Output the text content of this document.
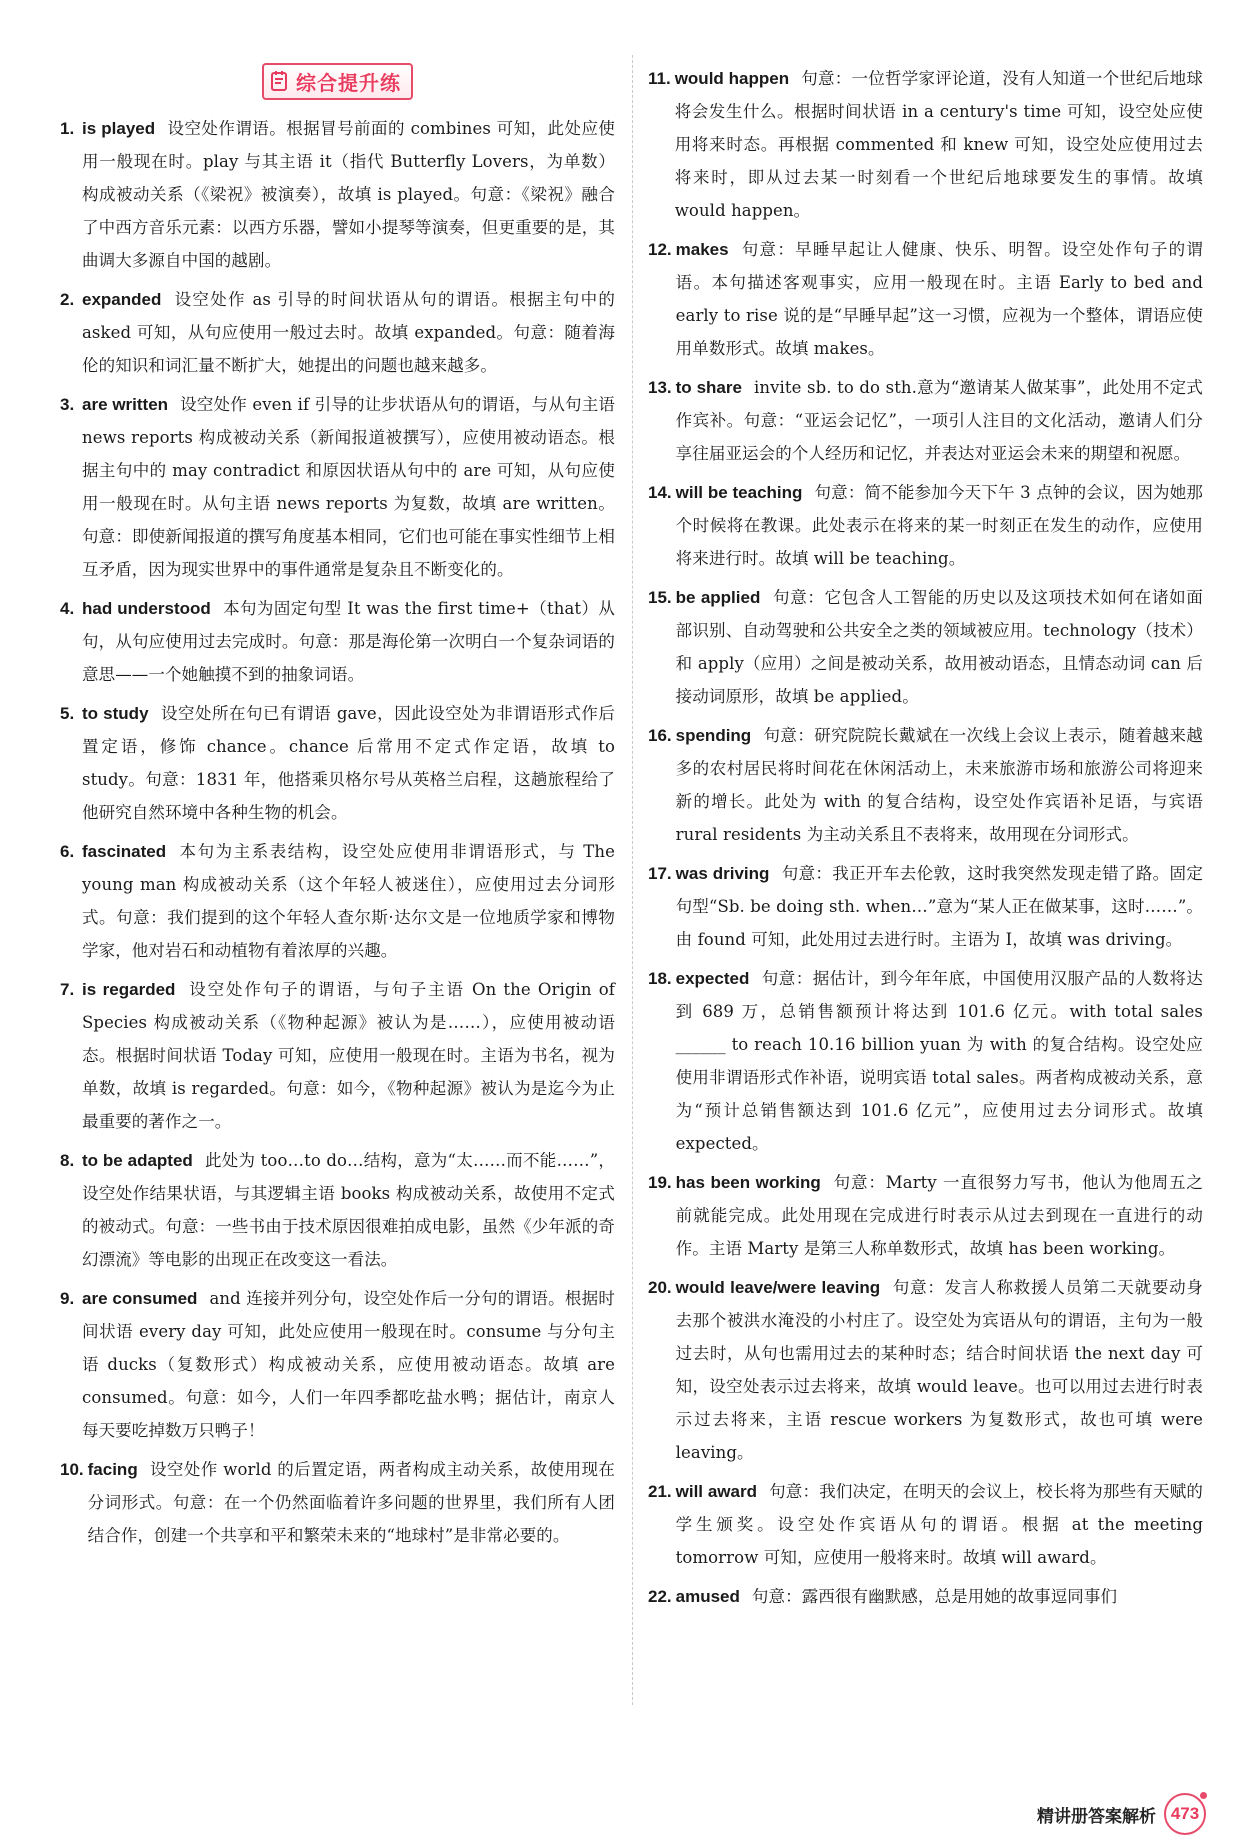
综合提升练
1. is played 设空处作谓语。根据冒号前面的 combines 可知，此处应使用一般现在时。play 与其主语 it（指代 Butterfly Lovers，为单数）构成被动关系（《梁祝》被演奏），故填 is played。句意：《梁祝》融合了中西方音乐元素：以西方乐器，譬如小提琴等演奏，但更重要的是，其曲调大多源自中国的越剧。
2. expanded 设空处作 as 引导的时间状语从句的谓语。根据主句中的 asked 可知，从句应使用一般过去时。故填 expanded。句意：随着海伦的知识和词汇量不断扩大，她提出的问题也越来越多。
3. are written 设空处作 even if 引导的让步状语从句的谓语，与从句主语 news reports 构成被动关系（新闻报道被撰写），应使用被动语态。根据主句中的 may contradict 和原因状语从句中的 are 可知，从句应使用一般现在时。从句主语 news reports 为复数，故填 are written。句意：即使新闻报道的撰写角度基本相同，它们也可能在事实性细节上相互矛盾，因为现实世界中的事件通常是复杂且不断变化的。
4. had understood 本句为固定句型 It was the first time+（that）从句，从句应使用过去完成时。句意：那是海伦第一次明白一个复杂词语的意思——一个她触摸不到的抽象词语。
5. to study 设空处所在句已有谓语 gave，因此设空处为非谓语形式作后置定语，修饰 chance。chance 后常用不定式作定语，故填 to study。句意：1831 年，他搭乘贝格尔号从英格兰启程，这趟旅程给了他研究自然环境中各种生物的机会。
6. fascinated 本句为主系表结构，设空处应使用非谓语形式，与 The young man 构成被动关系（这个年轻人被迷住），应使用过去分词形式。句意：我们提到的这个年轻人查尔斯·达尔文是一位地质学家和博物学家，他对岩石和动植物有着浓厚的兴趣。
7. is regarded 设空处作句子的谓语，与句子主语 On the Origin of Species 构成被动关系（《物种起源》被认为是……），应使用被动语态。根据时间状语 Today 可知，应使用一般现在时。主语为书名，视为单数，故填 is regarded。句意：如今，《物种起源》被认为是迄今为止最重要的著作之一。
8. to be adapted 此处为 too…to do…结构，意为“太……而不能……”，设空处作结果状语，与其逻辑主语 books 构成被动关系，故使用不定式的被动式。句意：一些书由于技术原因很难拍成电影，虽然《少年派的奇幻漂流》等电影的出现正在改变这一看法。
9. are consumed and 连接并列分句，设空处作后一分句的谓语。根据时间状语 every day 可知，此处应使用一般现在时。consume 与分句主语 ducks（复数形式）构成被动关系，应使用被动语态。故填 are consumed。句意：如今，人们一年四季都吃盐水鸭；据估计，南京人每天要吃掉数万只鸭子！
10. facing 设空处作 world 的后置定语，两者构成主动关系，故使用现在分词形式。句意：在一个仍然面临着许多问题的世界里，我们所有人团结合作，创建一个共享和平和繁荣未来的“地球村”是非常必要的。
11. would happen 句意：一位哲学家评论道，没有人知道一个世纪后地球将会发生什么。根据时间状语 in a century's time 可知，设空处应使用将来时态。再根据 commented 和 knew 可知，设空处应使用过去将来时，即从过去某一时刻看一个世纪后地球要发生的事情。故填 would happen。
12. makes 句意：早睡早起让人健康、快乐、明智。设空处作句子的谓语。本句描述客观事实，应用一般现在时。主语 Early to bed and early to rise 说的是“早睡早起”这一习惯，应视为一个整体，谓语应使用单数形式。故填 makes。
13. to share invite sb. to do sth.意为“邀请某人做某事”，此处用不定式作宾补。句意：“亚运会记忆”，一项引人注目的文化活动，邀请人们分享往届亚运会的个人经历和记忆，并表达对亚运会未来的期望和祝愿。
14. will be teaching 句意：简不能参加今天下午 3 点钟的会议，因为她那个时候将在教课。此处表示在将来的某一时刻正在发生的动作，应使用将来进行时。故填 will be teaching。
15. be applied 句意：它包含人工智能的历史以及这项技术如何在诸如面部识别、自动驾驶和公共安全之类的领域被应用。technology（技术）和 apply（应用）之间是被动关系，故用被动语态，且情态动词 can 后接动词原形，故填 be applied。
16. spending 句意：研究院院长戴斌在一次线上会议上表示，随着越来越多的农村居民将时间花在休闲活动上，未来旅游市场和旅游公司将迎来新的增长。此处为 with 的复合结构，设空处作宾语补足语，与宾语 rural residents 为主动关系且不表将来，故用现在分词形式。
17. was driving 句意：我正开车去伦敦，这时我突然发现走错了路。固定句型“Sb. be doing sth. when…”意为“某人正在做某事，这时……”。由 found 可知，此处用过去进行时。主语为 I，故填 was driving。
18. expected 句意：据估计，到今年年底，中国使用汉服产品的人数将达到 689 万，总销售额预计将达到 101.6 亿元。with total sales ______ to reach 10.16 billion yuan 为 with 的复合结构。设空处应使用非谓语形式作补语，说明宾语 total sales。两者构成被动关系，意为“预计总销售额达到 101.6 亿元”，应使用过去分词形式。故填 expected。
19. has been working 句意：Marty 一直很努力写书，他认为他周五之前就能完成。此处用现在完成进行时表示从过去到现在一直进行的动作。主语 Marty 是第三人称单数形式，故填 has been working。
20. would leave/were leaving 句意：发言人称救援人员第二天就要动身去那个被洪水淹没的小村庄了。设空处为宾语从句的谓语，主句为一般过去时，从句也需用过去的某种时态；结合时间状语 the next day 可知，设空处表示过去将来，故填 would leave。也可以用过去进行时表示过去将来，主语 rescue workers 为复数形式，故也可填 were leaving。
21. will award 句意：我们决定，在明天的会议上，校长将为那些有天赋的学生颁奖。设空处作宾语从句的谓语。根据 at the meeting tomorrow 可知，应使用一般将来时。故填 will award。
22. amused 句意：露西很有幽默感，总是用她的故事逗同事们
精讲册答案解析 473
